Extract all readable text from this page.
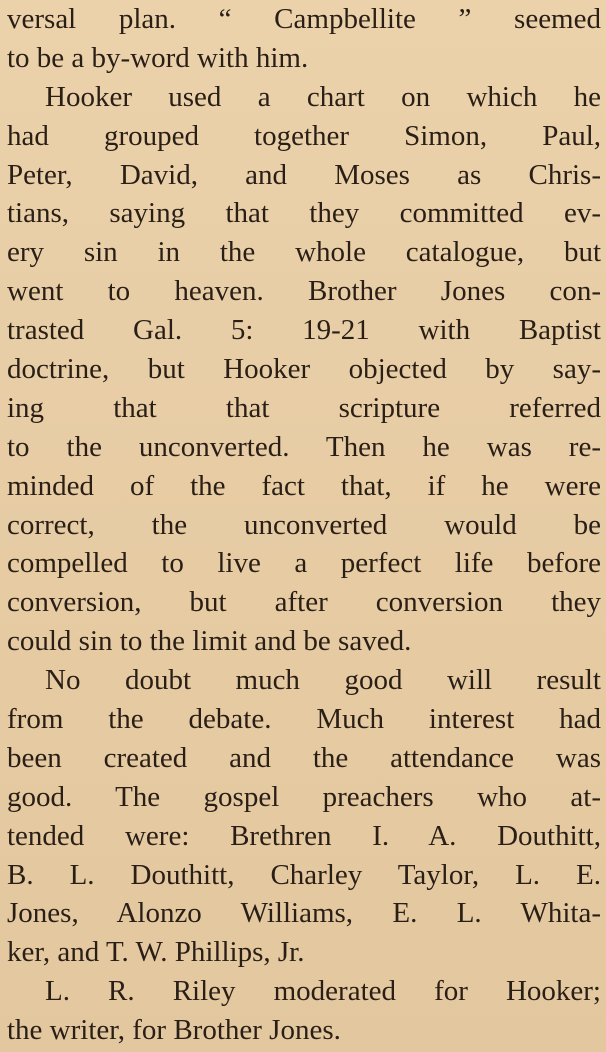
versal plan. “ Campbellite ” seemed
to be a by-word with him.
Hooker used a chart on which he
had grouped together Simon, Paul,
Peter, David, and Moses as Chris-
tians, saying that they committed ev-
ery sin in the whole catalogue, but
went to heaven. Brother Jones con-
trasted Gal. 5: 19-21 with Baptist
doctrine, but Hooker objected by say-
ing that that scripture referred
to the unconverted. Then he was re-
minded of the fact that, if he were
correct, the unconverted would be
compelled to live a perfect life before
conversion, but after conversion they
could sin to the limit and be saved.
No doubt much good will result
from the debate. Much interest had
been created and the attendance was
good. The gospel preachers who at-
tended were: Brethren I. A. Douthitt,
B. L. Douthitt, Charley Taylor, L. E.
Jones, Alonzo Williams, E. L. Whita-
ker, and T. W. Phillips, Jr.
L. R. Riley moderated for Hooker;
the writer, for Brother Jones.
